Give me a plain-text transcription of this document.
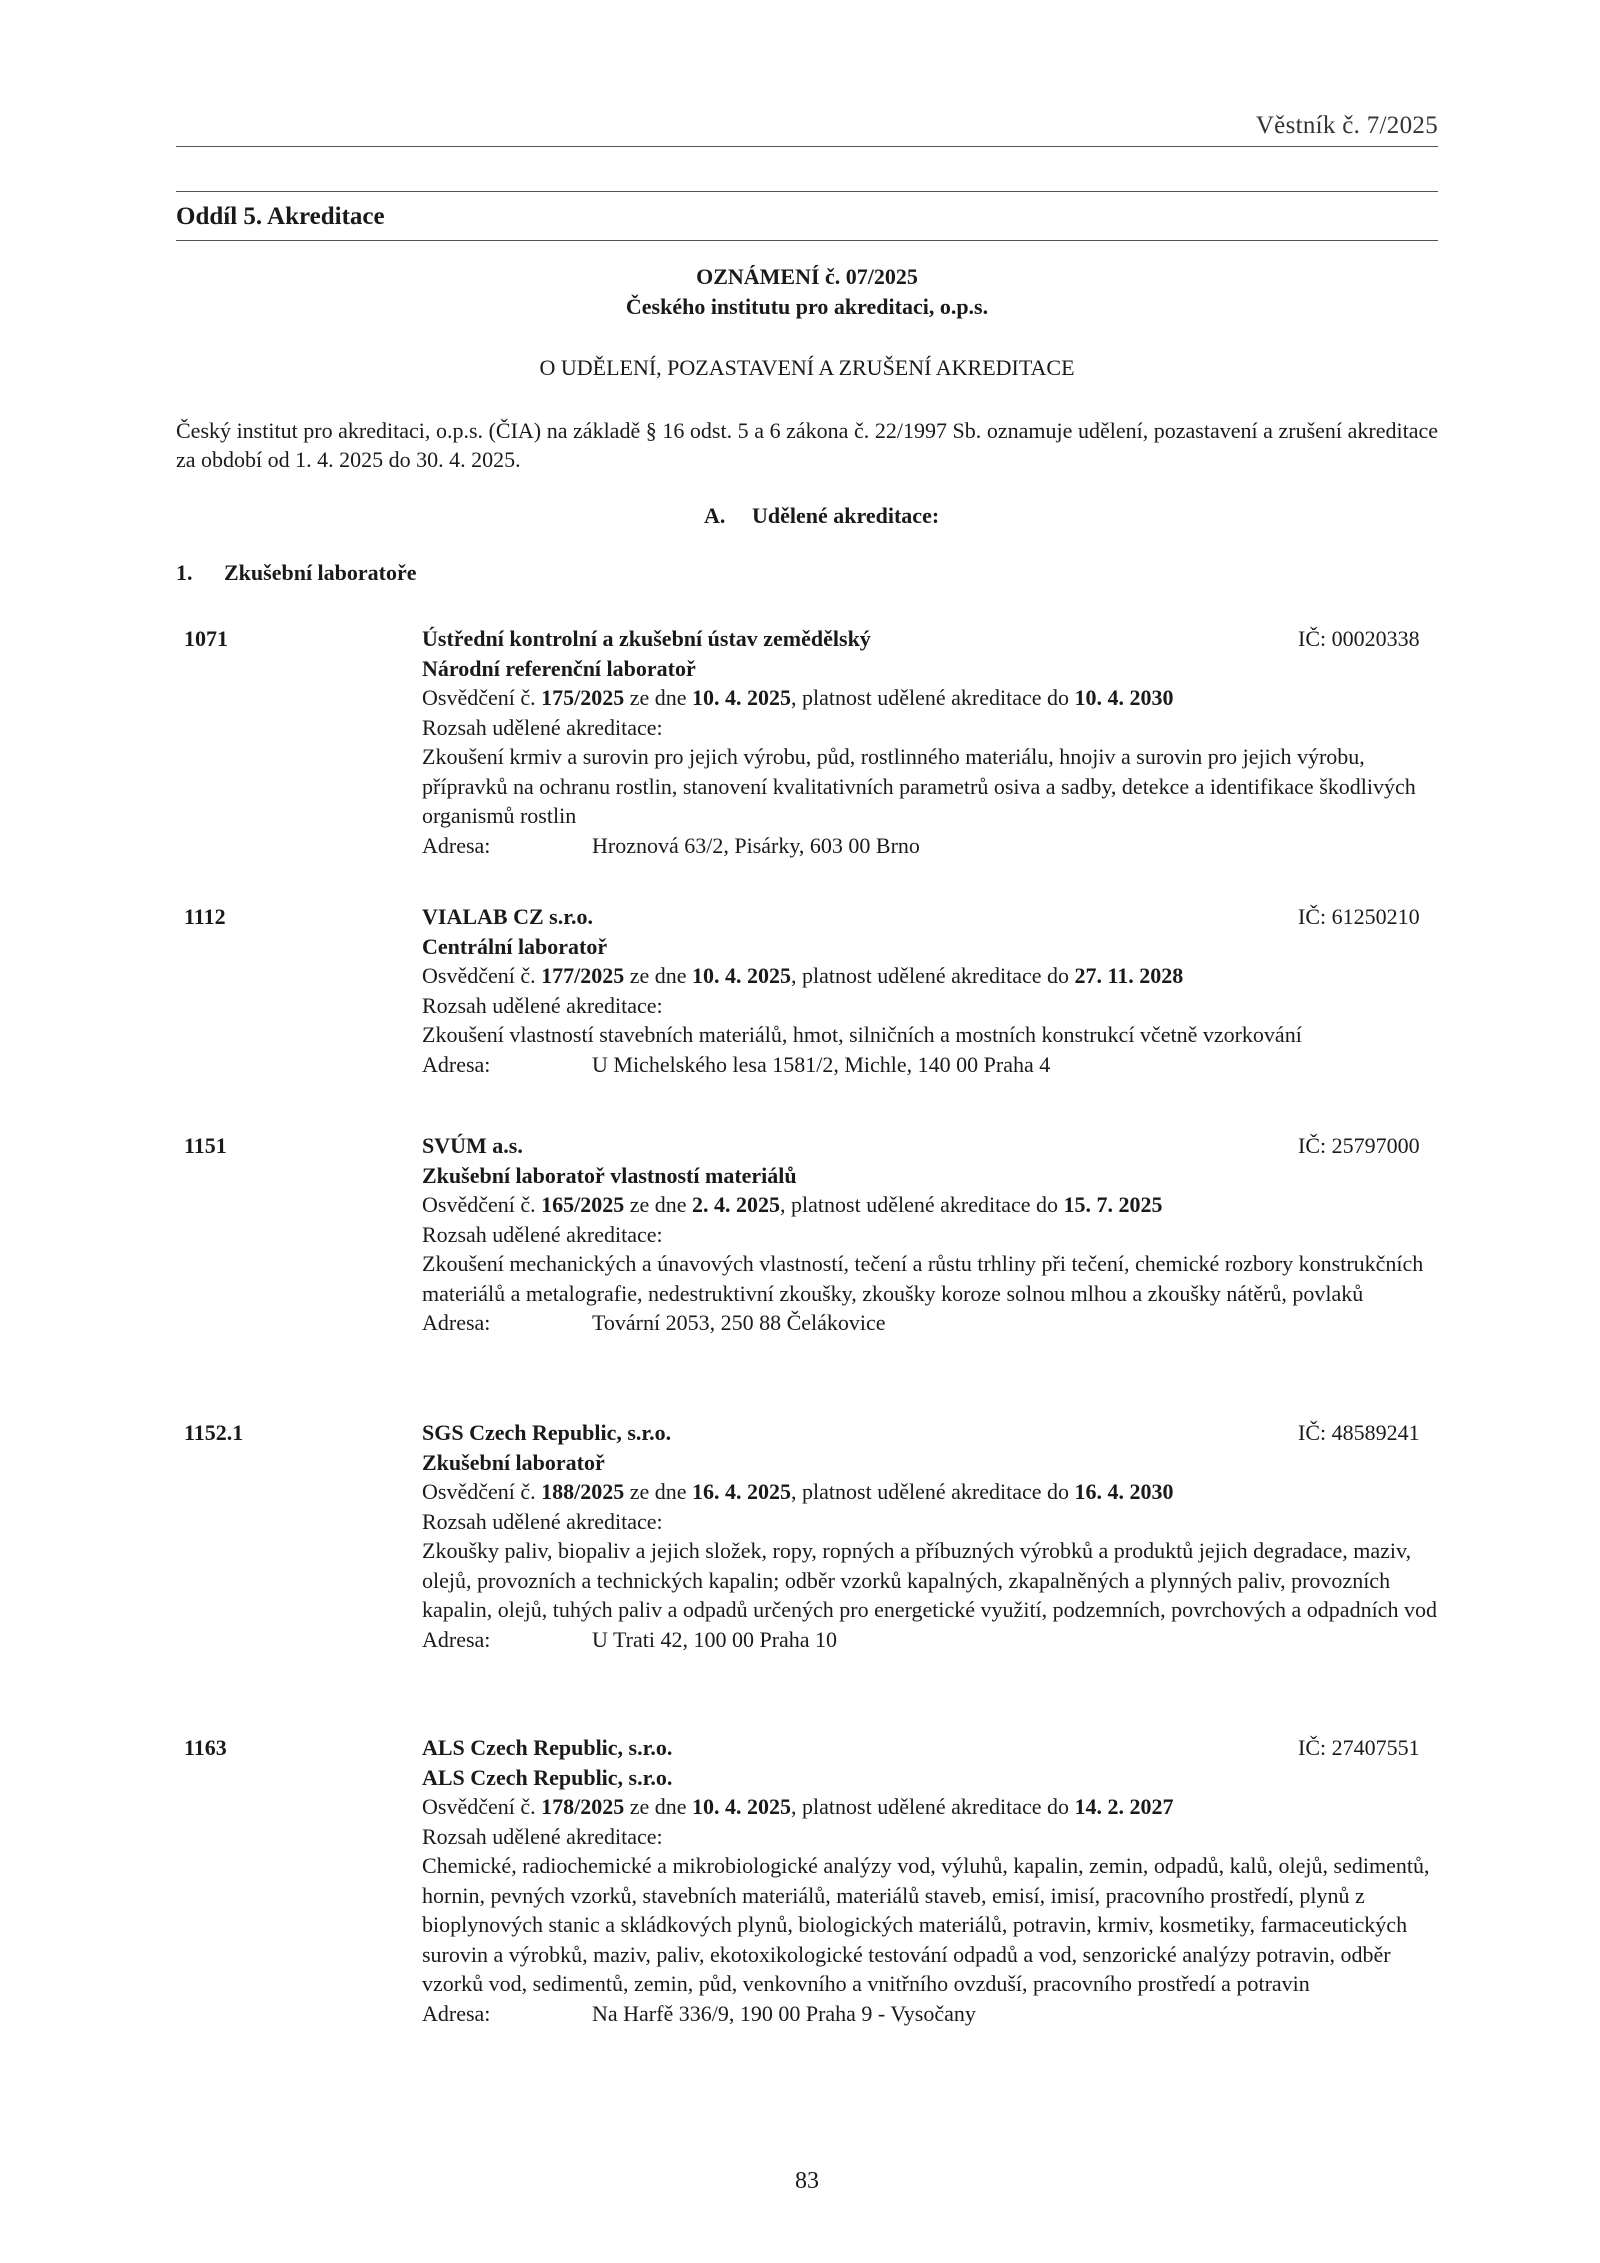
Věstník č. 7/2025
Oddíl 5. Akreditace
OZNÁMENÍ č. 07/2025
Českého institutu pro akreditaci, o.p.s.
O UDĚLENÍ, POZASTAVENÍ A ZRUŠENÍ AKREDITACE
Český institut pro akreditaci, o.p.s. (ČIA) na základě § 16 odst. 5 a 6 zákona č. 22/1997 Sb. oznamuje udělení, pozastavení a zrušení akreditace za období od 1. 4. 2025 do 30. 4. 2025.
A. Udělené akreditace:
1. Zkušební laboratoře
1071	Ústřední kontrolní a zkušební ústav zemědělský	IČ: 00020338

Národní referenční laboratoř

Osvědčení č. 175/2025 ze dne 10. 4. 2025, platnost udělené akreditace do 10. 4. 2030

Rozsah udělené akreditace:

Zkoušení krmiv a surovin pro jejich výrobu, půd, rostlinného materiálu, hnojiv a surovin pro jejich výrobu, přípravků na ochranu rostlin, stanovení kvalitativních parametrů osiva a sadby, detekce a identifikace škodlivých organismů rostlin

Adresa:	Hroznová 63/2, Pisárky, 603 00 Brno

1112	VIALAB CZ s.r.o.	IČ: 61250210

Centrální laboratoř

Osvědčení č. 177/2025 ze dne 10. 4. 2025, platnost udělené akreditace do 27. 11. 2028

Rozsah udělené akreditace:

Zkoušení vlastností stavebních materiálů, hmot, silničních a mostních konstrukcí včetně vzorkování

Adresa:	U Michelského lesa 1581/2, Michle, 140 00 Praha 4

1151	SVÚM a.s.	IČ: 25797000

Zkušební laboratoř vlastností materiálů

Osvědčení č. 165/2025 ze dne 2. 4. 2025, platnost udělené akreditace do 15. 7. 2025

Rozsah udělené akreditace:

Zkoušení mechanických a únavových vlastností, tečení a růstu trhliny při tečení, chemické rozbory konstrukčních materiálů a metalografie, nedestruktivní zkoušky, zkoušky koroze solnou mlhou a zkoušky nátěrů, povlaků

Adresa:	Tovární 2053, 250 88 Čelákovice

1152.1	SGS Czech Republic, s.r.o.	IČ: 48589241

Zkušební laboratoř

Osvědčení č. 188/2025 ze dne 16. 4. 2025, platnost udělené akreditace do 16. 4. 2030

Rozsah udělené akreditace:

Zkoušky paliv, biopaliv a jejich složek, ropy, ropných a příbuzných výrobků a produktů jejich degradace, maziv, olejů, provozních a technických kapalin; odběr vzorků kapalných, zkapalněných a plynných paliv, provozních kapalin, olejů, tuhých paliv a odpadů určených pro energetické využití, podzemních, povrchových a odpadních vod

Adresa:	U Trati 42, 100 00 Praha 10

1163	ALS Czech Republic, s.r.o.	IČ: 27407551

ALS Czech Republic, s.r.o.

Osvědčení č. 178/2025 ze dne 10. 4. 2025, platnost udělené akreditace do 14. 2. 2027

Rozsah udělené akreditace:

Chemické, radiochemické a mikrobiologické analýzy vod, výluhů, kapalin, zemin, odpadů, kalů, olejů, sedimentů, hornin, pevných vzorků, stavebních materiálů, materiálů staveb, emisí, imisí, pracovního prostředí, plynů z bioplynových stanic a skládkových plynů, biologických materiálů, potravin, krmiv, kosmetiky, farmaceutických surovin a výrobků, maziv, paliv, ekotoxikologické testování odpadů a vod, senzorické analýzy potravin, odběr vzorků vod, sedimentů, zemin, půd, venkovního a vnitřního ovzduší, pracovního prostředí a potravin

Adresa:	Na Harfě 336/9, 190 00 Praha 9 - Vysočany

83
